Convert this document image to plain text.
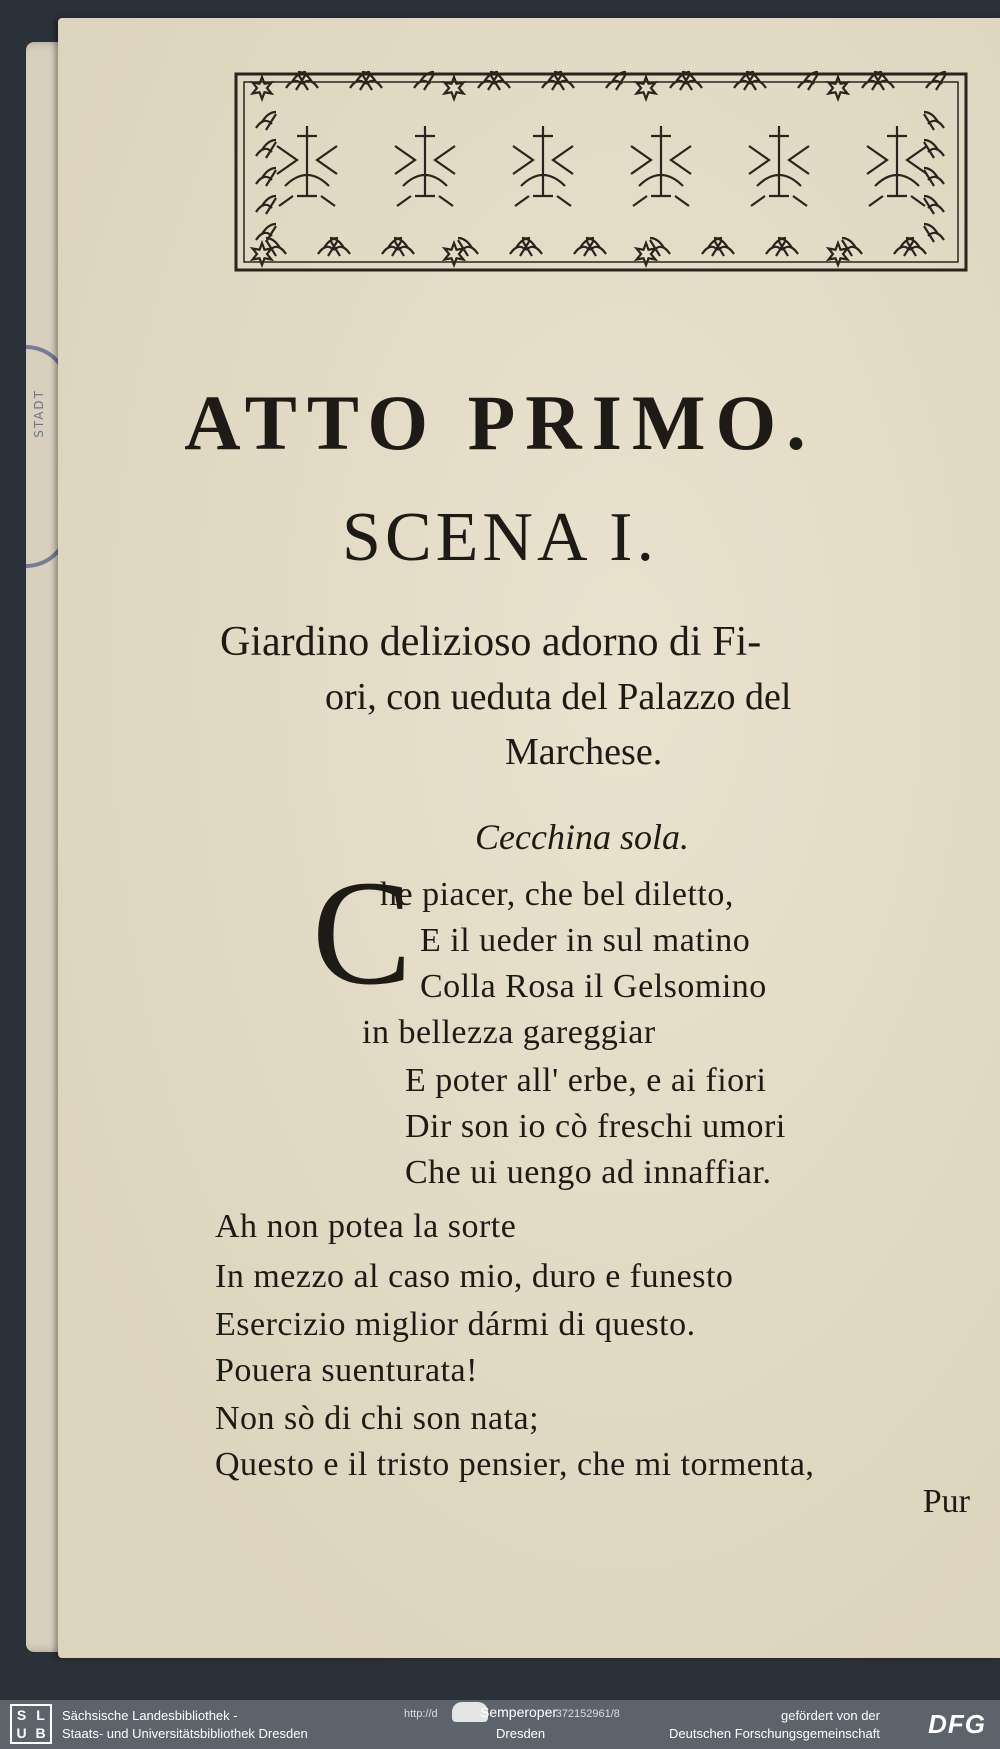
STADT	ATTO PRIMO.
SCENA I.
Giardino delizioso adorno di Fi-
ori, con ueduta del Palazzo del
Marchese.
Cecchina sola.
C
he piacer, che bel diletto,
E il ueder in sul matino
Colla Rosa il Gelsomino
in bellezza gareggiar
E poter all' erbe, e ai fiori
Dir son io cò freschi umori
Che ui uengo ad innaffiar.
Ah non potea la sorte
In mezzo al caso mio, duro e funesto
Esercizio miglior dármi di questo.
Pouera suenturata!
Non sò di chi son nata;
Questo e il tristo pensier, che mi tormenta,
Pur
S L
U B
Sächsische Landesbibliothek -
Staats- und Universitätsbibliothek Dresden
http://d	372152961/8
Semperoper
Dresden
gefördert von der
Deutschen Forschungsgemeinschaft DFG
